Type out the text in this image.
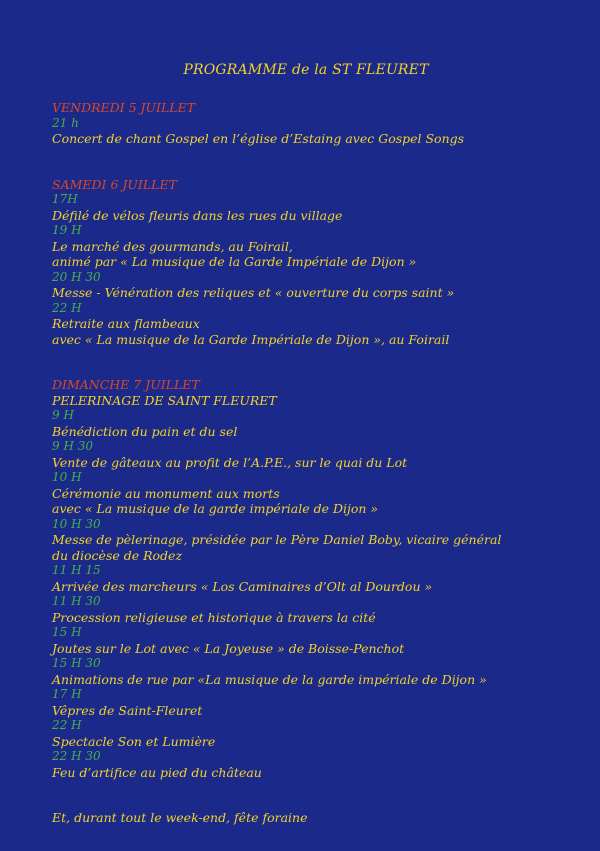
PROGRAMME de la ST FLEURET
VENDREDI 5 JUILLET
21 h
Concert de chant Gospel en l’église d’Estaing avec Gospel Songs
SAMEDI 6 JUILLET
17H
Défilé de vélos fleuris dans les rues du village
19 H
Le marché des gourmands, au Foirail,
animé par « La musique de la Garde Impériale de Dijon »
20 H 30
Messe - Vénération des reliques et « ouverture du corps saint »
22 H
Retraite aux flambeaux
avec « La musique de la Garde Impériale de Dijon », au Foirail
DIMANCHE 7 JUILLET
PELERINAGE DE SAINT FLEURET
9 H
Bénédiction du pain et du sel
9 H 30
Vente de gâteaux au profit de l’A.P.E., sur le quai du Lot
10 H
Cérémonie au monument aux morts
avec « La musique de la garde impériale de Dijon »
10 H 30
Messe de pèlerinage, présidée par le Père Daniel Boby, vicaire général
du diocèse de Rodez
11 H 15
Arrivée des marcheurs « Los Caminaires d’Olt al Dourdou »
11 H 30
Procession religieuse et historique à travers la cité
15 H
Joutes sur le Lot avec « La Joyeuse » de Boisse-Penchot
15 H 30
Animations de rue par «La musique de la garde impériale de Dijon »
17 H
Vêpres de Saint-Fleuret
22 H
Spectacle Son et Lumière
22 H 30
Feu d’artifice au pied du château
Et, durant tout le week-end, fête foraine
